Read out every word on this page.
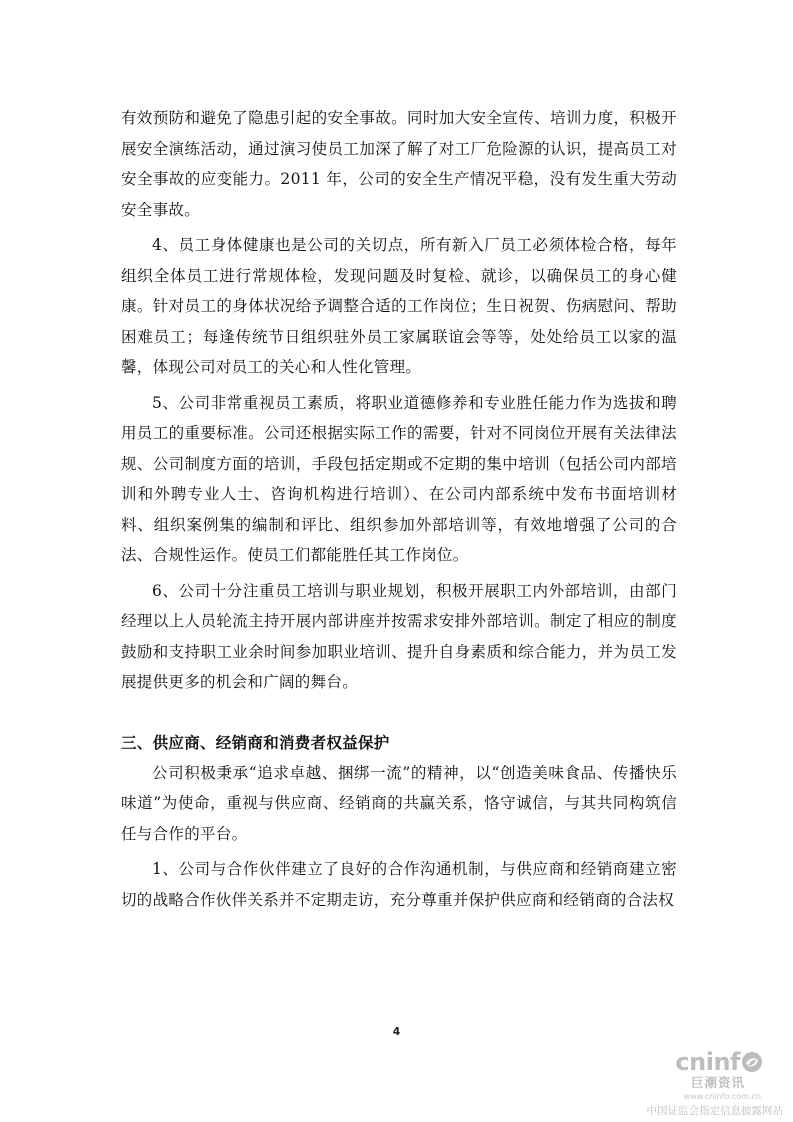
有效预防和避免了隐患引起的安全事故。同时加大安全宣传、培训力度，积极开展安全演练活动，通过演习使员工加深了解了对工厂危险源的认识，提高员工对安全事故的应变能力。2011 年，公司的安全生产情况平稳，没有发生重大劳动安全事故。

4、员工身体健康也是公司的关切点，所有新入厂员工必须体检合格，每年组织全体员工进行常规体检，发现问题及时复检、就诊，以确保员工的身心健康。针对员工的身体状况给予调整合适的工作岗位；生日祝贺、伤病慰问、帮助困难员工；每逢传统节日组织驻外员工家属联谊会等等，处处给员工以家的温馨，体现公司对员工的关心和人性化管理。

5、公司非常重视员工素质，将职业道德修养和专业胜任能力作为选拔和聘用员工的重要标准。公司还根据实际工作的需要，针对不同岗位开展有关法律法规、公司制度方面的培训，手段包括定期或不定期的集中培训（包括公司内部培训和外聘专业人士、咨询机构进行培训）、在公司内部系统中发布书面培训材料、组织案例集的编制和评比、组织参加外部培训等，有效地增强了公司的合法、合规性运作。使员工们都能胜任其工作岗位。

6、公司十分注重员工培训与职业规划，积极开展职工内外部培训，由部门经理以上人员轮流主持开展内部讲座并按需求安排外部培训。制定了相应的制度鼓励和支持职工业余时间参加职业培训、提升自身素质和综合能力，并为员工发展提供更多的机会和广阔的舞台。

三、供应商、经销商和消费者权益保护

公司积极秉承“追求卓越、捆绑一流”的精神，以“创造美味食品、传播快乐味道”为使命，重视与供应商、经销商的共赢关系，恪守诚信，与其共同构筑信任与合作的平台。

1、公司与合作伙伴建立了良好的合作沟通机制，与供应商和经销商建立密切的战略合作伙伴关系并不定期走访，充分尊重并保护供应商和经销商的合法权

4
cninf
巨潮资讯
www.cninfo.com.cn
中国证监会指定信息披露网站
